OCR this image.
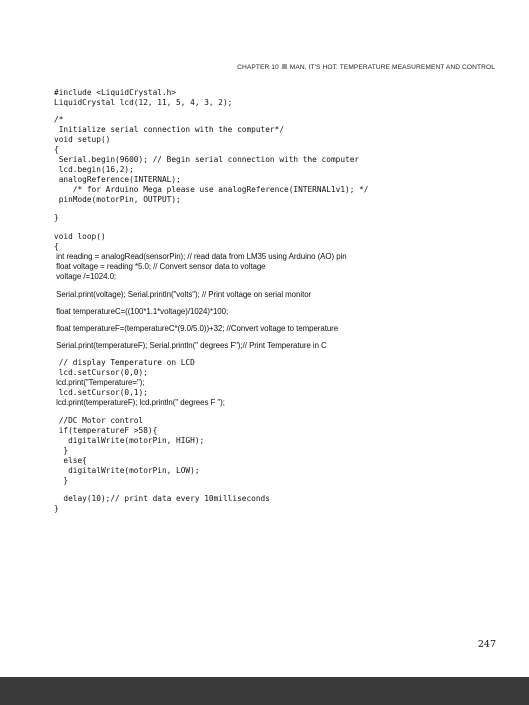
CHAPTER 10 MAN, IT'S HOT: TEMPERATURE MEASUREMENT AND CONTROL
#include <LiquidCrystal.h>
LiquidCrystal lcd(12, 11, 5, 4, 3, 2);
/*
Initialize serial connection with the computer*/
void setup()
{
Serial.begin(9600); // Begin serial connection with the computer
lcd.begin(16,2);
analogReference(INTERNAL);
/* for Arduino Mega please use analogReference(INTERNAL1v1); */
pinMode(motorPin, OUTPUT);
}
void loop()
{
int reading = analogRead(sensorPin); // read data from LM35 using Arduino (AO) pin
float voltage = reading *5.0; // Convert sensor data to voltage
voltage /=1024.0;
Serial.print(voltage); Serial.println("volts"); // Print voltage on serial monitor
float temperatureC=((100*1.1*voltage)/1024)*100;
float temperatureF=(temperatureC*(9.0/5.0))+32; //Convert voltage to temperature
Serial.print(temperatureF); Serial.println(" degrees F");// Print Temperature in C
// display Temperature on LCD
lcd.setCursor(0,0);
lcd.print("Temperature=");
lcd.setCursor(0,1);
lcd.print(temperatureF); lcd.println(" degrees F ");
//DC Motor control
if(temperatureF >58){
digitalWrite(motorPin, HIGH);
}
else{
digitalWrite(motorPin, LOW);
}
delay(10);// print data every 10milliseconds
}
247
